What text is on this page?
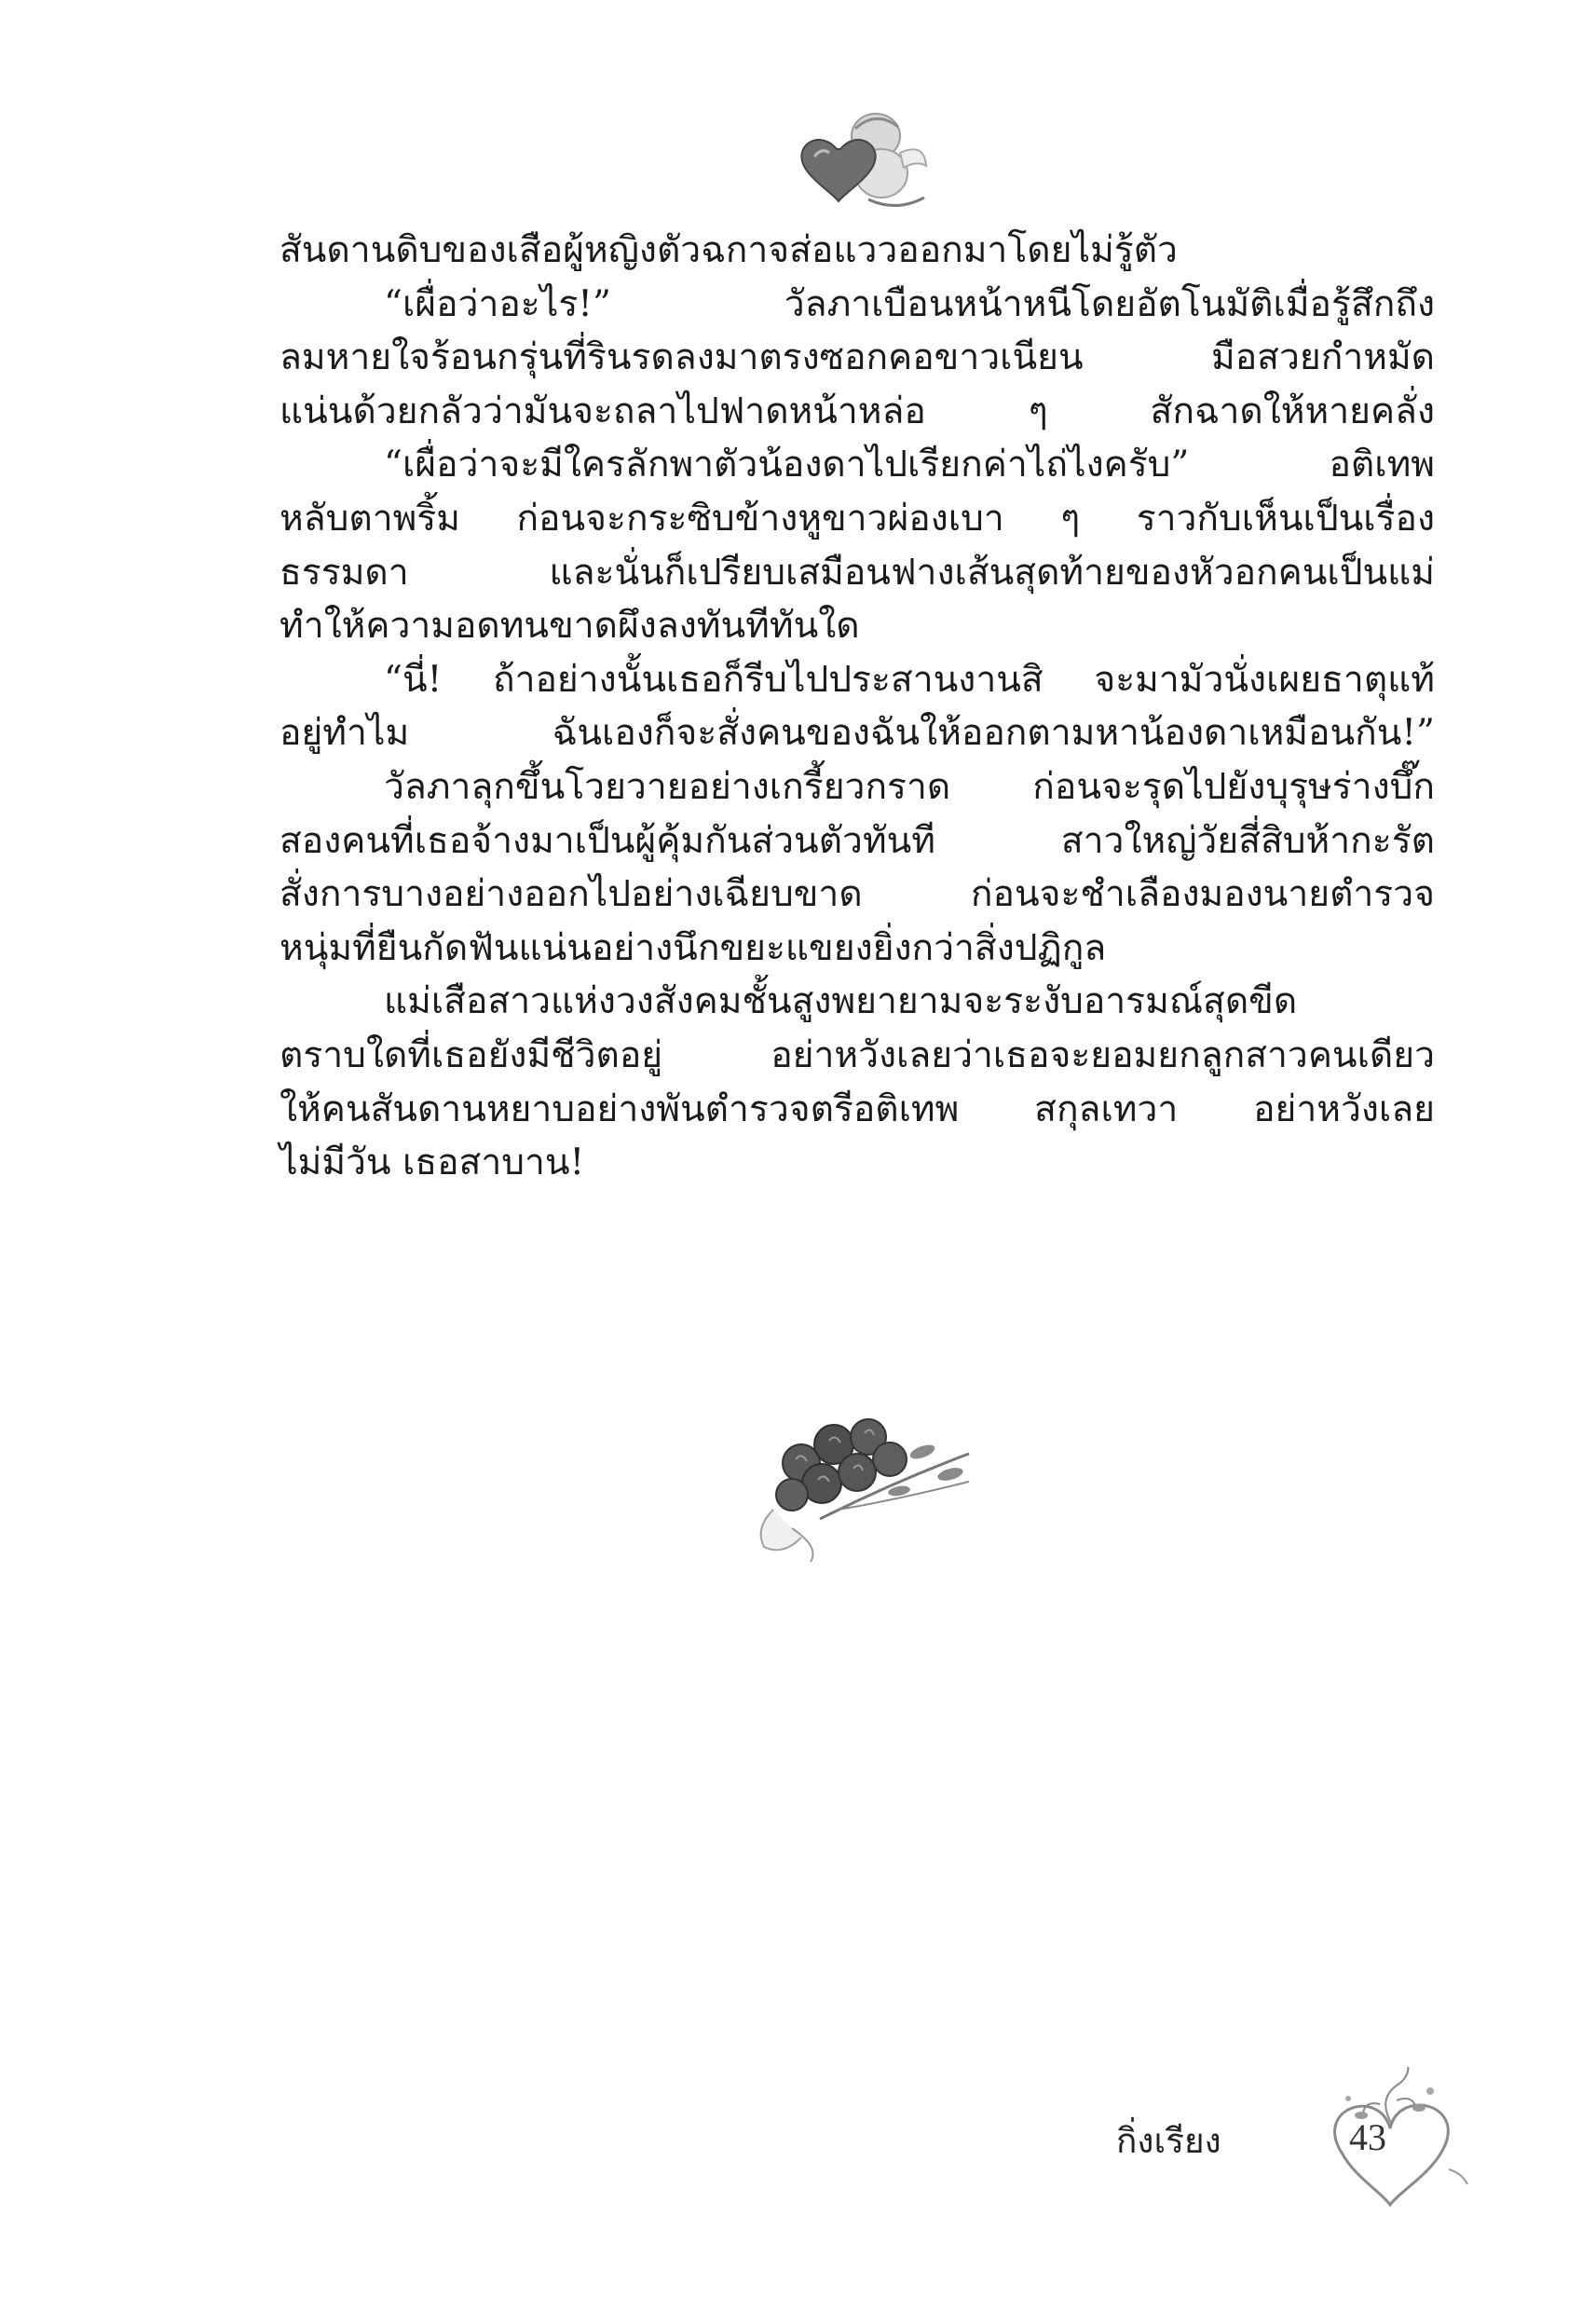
สันดานดิบของเสือผู้หญิงตัวฉกาจส่อแววออกมาโดยไม่รู้ตัว
“เผื่อว่าอะไร!” วัลภาเบือนหน้าหนีโดยอัตโนมัติเมื่อรู้สึกถึง
ลมหายใจร้อนกรุ่นที่รินรดลงมาตรงซอกคอขาวเนียน มือสวยกำหมัด
แน่นด้วยกลัวว่ามันจะถลาไปฟาดหน้าหล่อ ๆ สักฉาดให้หายคลั่ง
“เผื่อว่าจะมีใครลักพาตัวน้องดาไปเรียกค่าไถ่ไงครับ” อติเทพ
หลับตาพริ้ม ก่อนจะกระซิบข้างหูขาวผ่องเบา ๆ ราวกับเห็นเป็นเรื่อง
ธรรมดา และนั่นก็เปรียบเสมือนฟางเส้นสุดท้ายของหัวอกคนเป็นแม่
ทำให้ความอดทนขาดผึงลงทันทีทันใด
“นี่! ถ้าอย่างนั้นเธอก็รีบไปประสานงานสิ จะมามัวนั่งเผยธาตุแท้
อยู่ทำไม ฉันเองก็จะสั่งคนของฉันให้ออกตามหาน้องดาเหมือนกัน!”
วัลภาลุกขึ้นโวยวายอย่างเกรี้ยวกราด ก่อนจะรุดไปยังบุรุษร่างบึ๊ก
สองคนที่เธอจ้างมาเป็นผู้คุ้มกันส่วนตัวทันที สาวใหญ่วัยสี่สิบห้ากะรัต
สั่งการบางอย่างออกไปอย่างเฉียบขาด ก่อนจะชำเลืองมองนายตำรวจ
หนุ่มที่ยืนกัดฟันแน่นอย่างนึกขยะแขยงยิ่งกว่าสิ่งปฏิกูล
แม่เสือสาวแห่งวงสังคมชั้นสูงพยายามจะระงับอารมณ์สุดขีด
ตราบใดที่เธอยังมีชีวิตอยู่ อย่าหวังเลยว่าเธอจะยอมยกลูกสาวคนเดียว
ให้คนสันดานหยาบอย่างพันตำรวจตรีอติเทพ สกุลเทวา อย่าหวังเลย
ไม่มีวัน เธอสาบาน!
กิ่งเรียง	43
